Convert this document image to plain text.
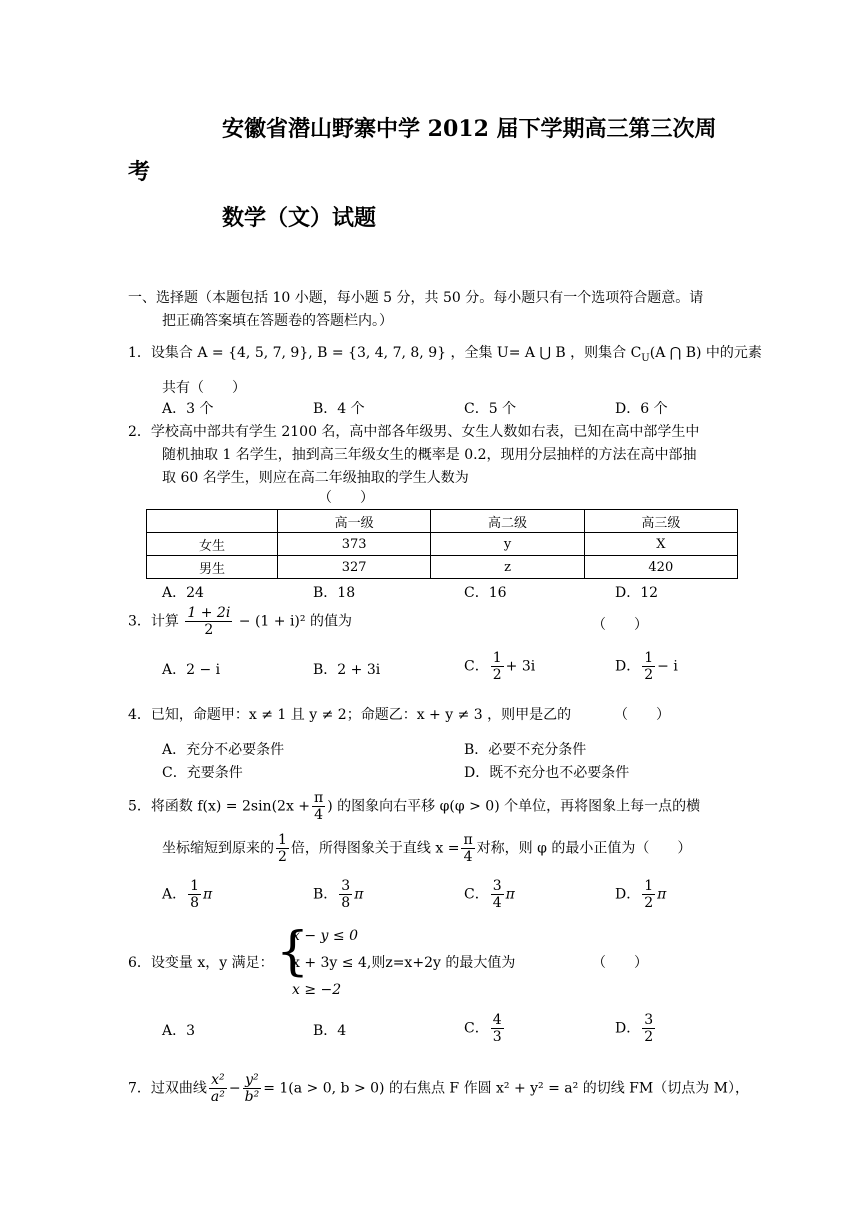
安徽省潜山野寨中学 2012 届下学期高三第三次周
考
数学（文）试题
一、选择题（本题包括 10 小题，每小题 5 分，共 50 分。每小题只有一个选项符合题意。请
把正确答案填在答题卷的答题栏内。）
1．设集合 A = {4, 5, 7, 9}, B = {3, 4, 7, 8, 9} ，全集 U= A ⋃ B ，则集合 $C_U(A$ ⋂ B) 中的元素
共有（　　）
A．3 个	B．4 个	C．5 个	D．6 个
2．学校高中部共有学生 2100 名，高中部各年级男、女生人数如右表，已知在高中部学生中
随机抽取 1 名学生，抽到高三年级女生的概率是 0.2，现用分层抽样的方法在高中部抽
取 60 名学生，则应在高二年级抽取的学生人数为
（　　）
	高一级	高二级	高三级
女生	373	y	X
男生	327	z	420
A．24	B．18	C．16	D．12
3．计算 $\frac{1 + 2i}{2} - (1 + i)^2$ 的值为	（　　）
A．2 − i	B．2 + 3i	C． $\frac{1}{2} + 3i$	D． $\frac{1}{2} - i$
4．已知，命题甲：x ≠ 1 且 y ≠ 2；命题乙：x + y ≠ 3 ，则甲是乙的	（　　）
A．充分不必要条件	B．必要不充分条件
C．充要条件	D．既不充分也不必要条件
5．将函数 $f(x) = 2\sin(2x + \frac{\pi}{4}$ ) 的图象向右平移 φ(φ > 0) 个单位，再将图象上每一点的横
坐标缩短到原来的 $\frac{1}{2}$ 倍，所得图象关于直线 $x = \frac{\pi}{4}$ 对称，则 φ 的最小正值为（　　）
A． $\frac{1}{8}$ π	B． $\frac{3}{8}$ π	C． $\frac{3}{4}$ π	D． $\frac{1}{2}$ π
6．设变量 x，y 满足： {
x − y ≤ 0
x + 3y ≤ 4,则z=x+2y 的最大值为
x ≥ −2
（　　）
A．3	B．4	C． $\frac{4}{3}$	D． $\frac{3}{2}$
7．过双曲线 $\frac{\text{x²}}{\text{a²}} - \frac{\text{y²}}{\text{b²}} = 1(a > 0$, b > 0) 的右焦点 F 作圆 x² + y² = a² 的切线 FM（切点为 M），
